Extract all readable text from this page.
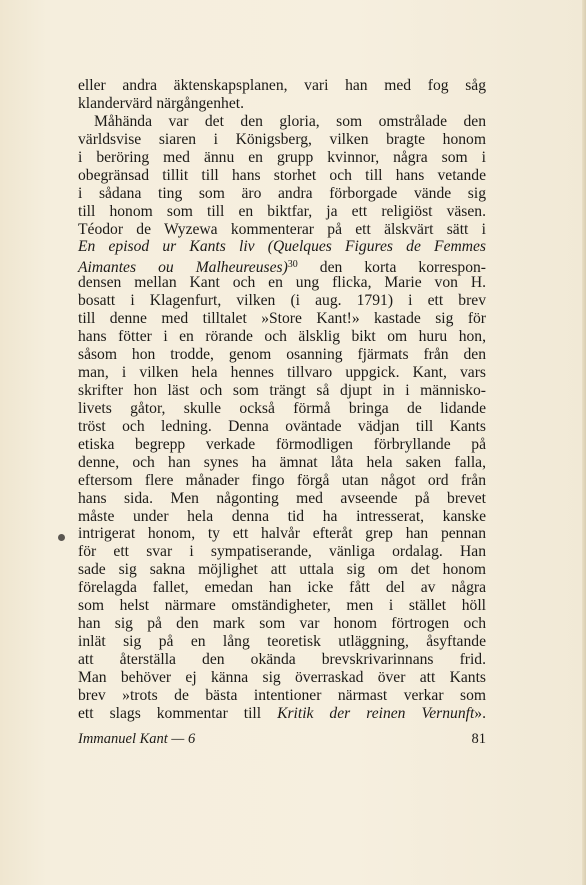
eller andra äktenskapsplanen, vari han med fog såg
klandervärd närgångenhet.
Måhända var det den gloria, som omstrålade den
världsvise siaren i Königsberg, vilken bragte honom
i beröring med ännu en grupp kvinnor, några som i
obegränsad tillit till hans storhet och till hans vetande
i sådana ting som äro andra förborgade vände sig
till honom som till en biktfar, ja ett religiöst väsen.
Téodor de Wyzewa kommenterar på ett älskvärt sätt i
En episod ur Kants liv (Quelques Figures de Femmes
Aimantes ou Malheureuses)$^{30}$ den korta korrespon-
densen mellan Kant och en ung flicka, Marie von H.
bosatt i Klagenfurt, vilken (i aug. 1791) i ett brev
till denne med tilltalet »Store Kant!» kastade sig för
hans fötter i en rörande och älsklig bikt om huru hon,
såsom hon trodde, genom osanning fjärmats från den
man, i vilken hela hennes tillvaro uppgick. Kant, vars
skrifter hon läst och som trängt så djupt in i människo-
livets gåtor, skulle också förmå bringa de lidande
tröst och ledning. Denna oväntade vädjan till Kants
etiska begrepp verkade förmodligen förbryllande på
denne, och han synes ha ämnat låta hela saken falla,
eftersom flere månader fingo förgå utan något ord från
hans sida. Men någonting med avseende på brevet
måste under hela denna tid ha intresserat, kanske
intrigerat honom, ty ett halvår efteråt grep han pennan
för ett svar i sympatiserande, vänliga ordalag. Han
sade sig sakna möjlighet att uttala sig om det honom
förelagda fallet, emedan han icke fått del av några
som helst närmare omständigheter, men i stället höll
han sig på den mark som var honom förtrogen och
inlät sig på en lång teoretisk utläggning, åsyftande
att återställa den okända brevskrivarinnans frid.
Man behöver ej känna sig överraskad över att Kants
brev »trots de bästa intentioner närmast verkar som
ett slags kommentar till Kritik der reinen Vernunft».
Immanuel Kant — 6	81
